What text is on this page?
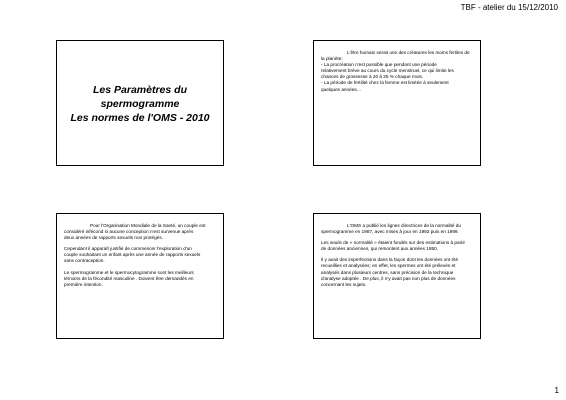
TBF - atelier du 15/12/2010
Les Paramètres du spermogramme
Les normes de l'OMS - 2010

L'être humain serait une des créatures les moins fertiles de
la planète;
- La procréation n'est possible que pendant une période
relativement brève au cours du cycle menstruel, ce qui limite les
chances de grossesse à 20 à 25 % chaque mois.
- La période de fertilité chez la femme est limitée à seulement
quelques années…

Pour l'Organisation Mondiale de la Santé, un couple est
considéré infécond si aucune conception n'est survenue après
deux années de rapports sexuels non protégés.

Cependant il apparaît justifié de commencer l'exploration d'un
couple souhaitant un enfant après une année de rapports sexuels
sans contraception.

Le spermogramme et le spermocytogramme sont les meilleurs
témoins de la fécondité masculine . Doivent être demandés en
première intention.

L'OMS a publié les lignes directrices de la normalité du
spermogramme en 1987, avec mises à jour en 1992 puis en 1999.

Les seuils de « normalité » étaient fondés sur des estimations à partir
de données anciennes, qui remontent aux années 1950.

Il y avait des imperfections dans la façon dont les données ont été
recueillies et analysées; en effet, les spermes ont été prélevés et
analysés dans plusieurs centres, sans précision de la technique
d'analyse adoptée . De plus, il n'y avait pas non plus de données
concernant les sujets.

1
